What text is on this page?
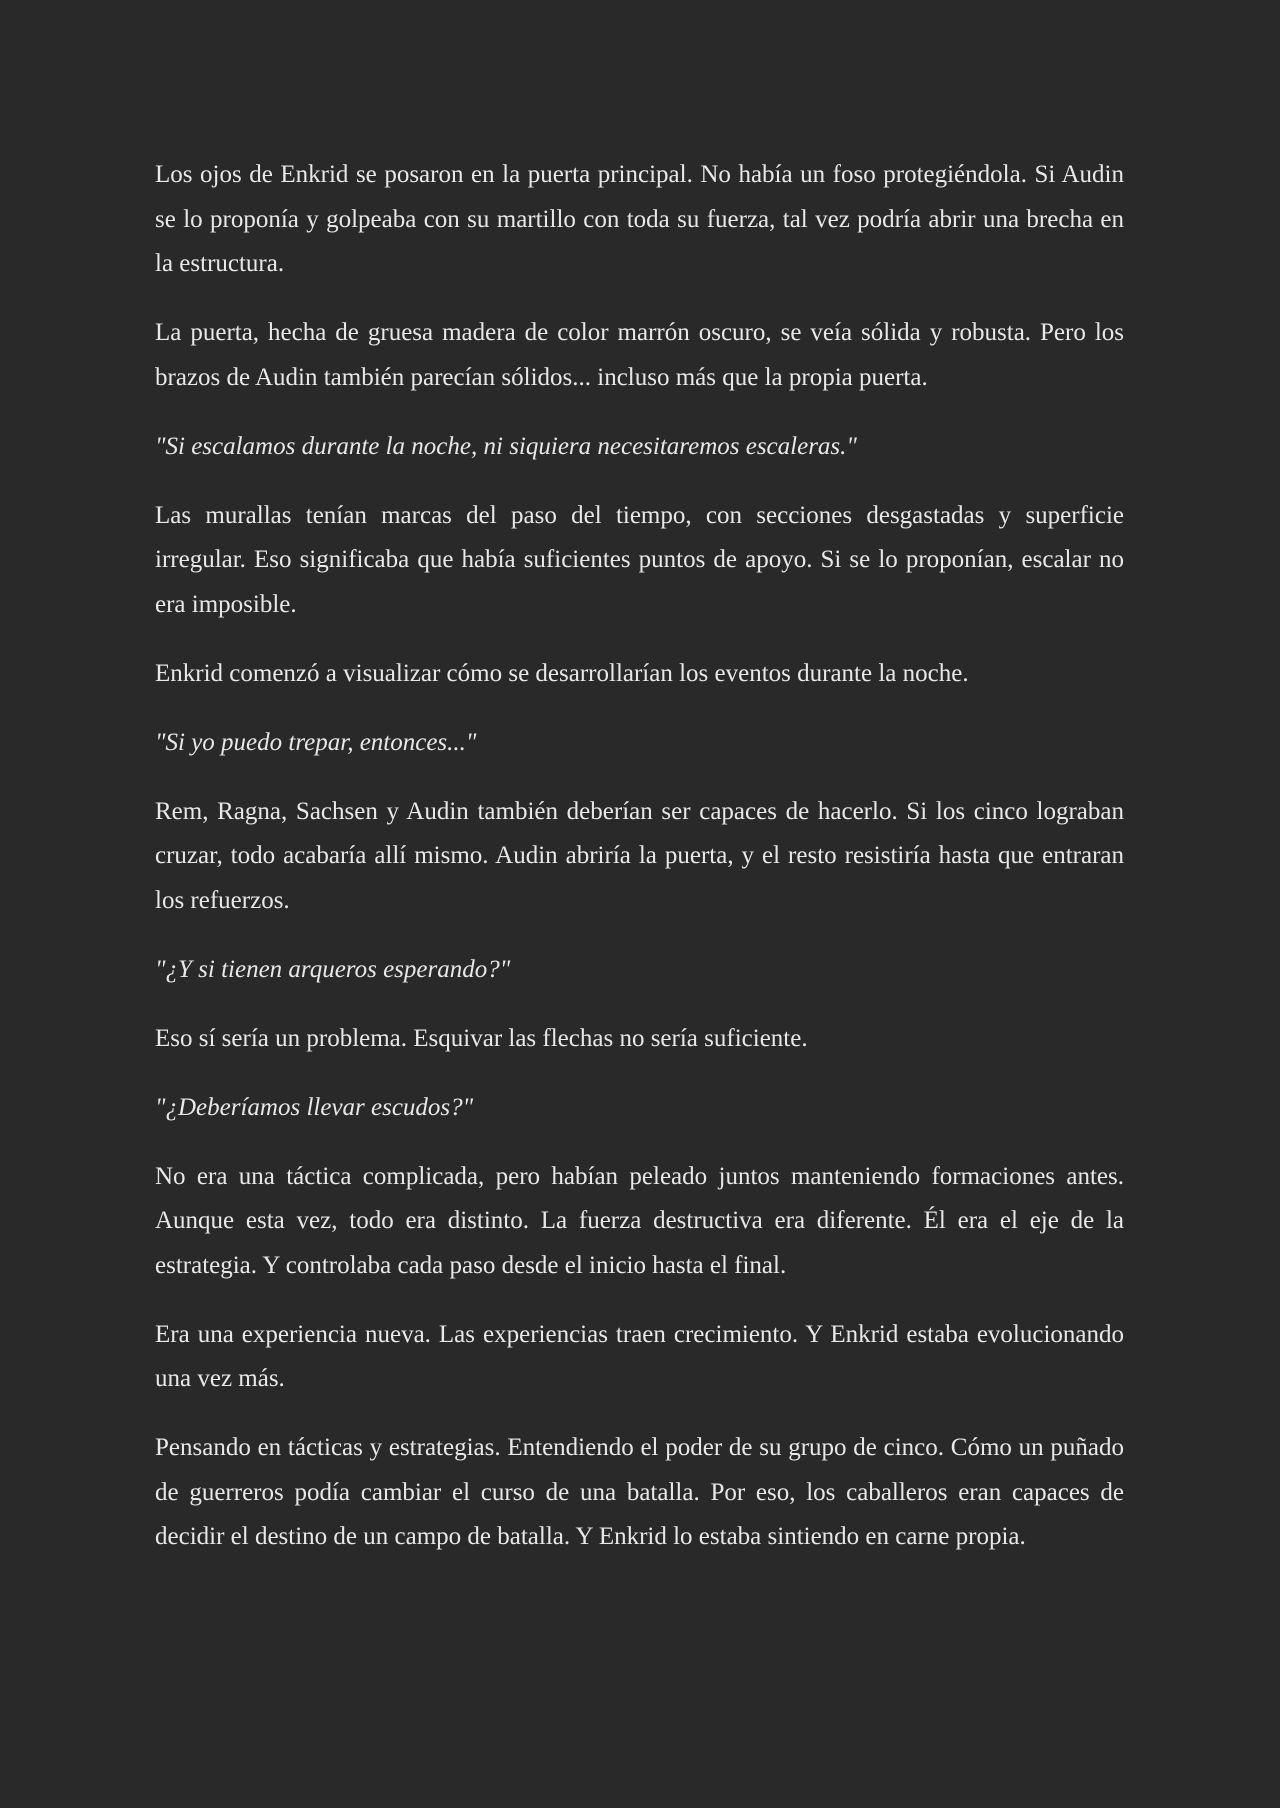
Los ojos de Enkrid se posaron en la puerta principal. No había un foso protegiéndola. Si Audin se lo proponía y golpeaba con su martillo con toda su fuerza, tal vez podría abrir una brecha en la estructura.

La puerta, hecha de gruesa madera de color marrón oscuro, se veía sólida y robusta. Pero los brazos de Audin también parecían sólidos... incluso más que la propia puerta.

"Si escalamos durante la noche, ni siquiera necesitaremos escaleras."

Las murallas tenían marcas del paso del tiempo, con secciones desgastadas y superficie irregular. Eso significaba que había suficientes puntos de apoyo. Si se lo proponían, escalar no era imposible.

Enkrid comenzó a visualizar cómo se desarrollarían los eventos durante la noche.

"Si yo puedo trepar, entonces..."

Rem, Ragna, Sachsen y Audin también deberían ser capaces de hacerlo. Si los cinco lograban cruzar, todo acabaría allí mismo. Audin abriría la puerta, y el resto resistiría hasta que entraran los refuerzos.

"¿Y si tienen arqueros esperando?"

Eso sí sería un problema. Esquivar las flechas no sería suficiente.

"¿Deberíamos llevar escudos?"

No era una táctica complicada, pero habían peleado juntos manteniendo formaciones antes. Aunque esta vez, todo era distinto. La fuerza destructiva era diferente. Él era el eje de la estrategia. Y controlaba cada paso desde el inicio hasta el final.

Era una experiencia nueva. Las experiencias traen crecimiento. Y Enkrid estaba evolucionando una vez más.

Pensando en tácticas y estrategias. Entendiendo el poder de su grupo de cinco. Cómo un puñado de guerreros podía cambiar el curso de una batalla. Por eso, los caballeros eran capaces de decidir el destino de un campo de batalla. Y Enkrid lo estaba sintiendo en carne propia.
